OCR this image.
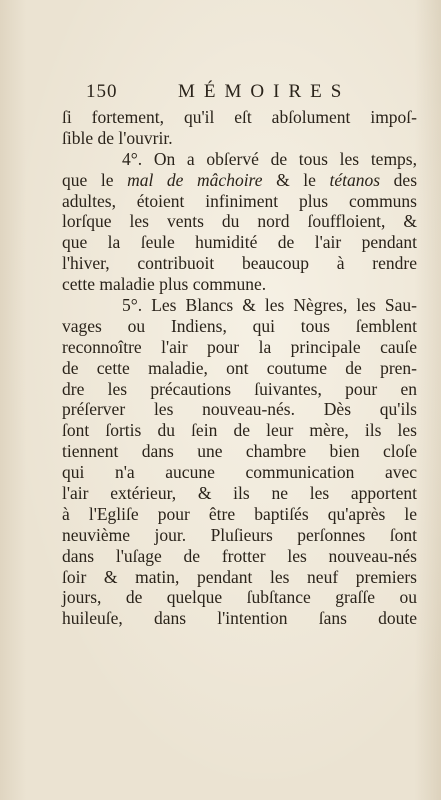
150	MÉMOIRES
ſi fortement, qu'il eſt abſolument impoſ-
ſible de l'ouvrir.
4°. On a obſervé de tous les temps,
que le mal de mâchoire & le tétanos des
adultes, étoient infiniment plus communs
lorſque les vents du nord ſouffloient, &
que la ſeule humidité de l'air pendant
l'hiver, contribuoit beaucoup à rendre
cette maladie plus commune.
5°. Les Blancs & les Nègres, les Sau-
vages ou Indiens, qui tous ſemblent
reconnoître l'air pour la principale cauſe
de cette maladie, ont coutume de pren-
dre les précautions ſuivantes, pour en
préſerver les nouveau-nés. Dès qu'ils
ſont ſortis du ſein de leur mère, ils les
tiennent dans une chambre bien cloſe
qui n'a aucune communication avec
l'air extérieur, & ils ne les apportent
à l'Egliſe pour être baptiſés qu'après le
neuvième jour. Pluſieurs perſonnes ſont
dans l'uſage de frotter les nouveau-nés
ſoir & matin, pendant les neuf premiers
jours, de quelque ſubſtance graſſe ou
huileuſe, dans l'intention ſans doute
